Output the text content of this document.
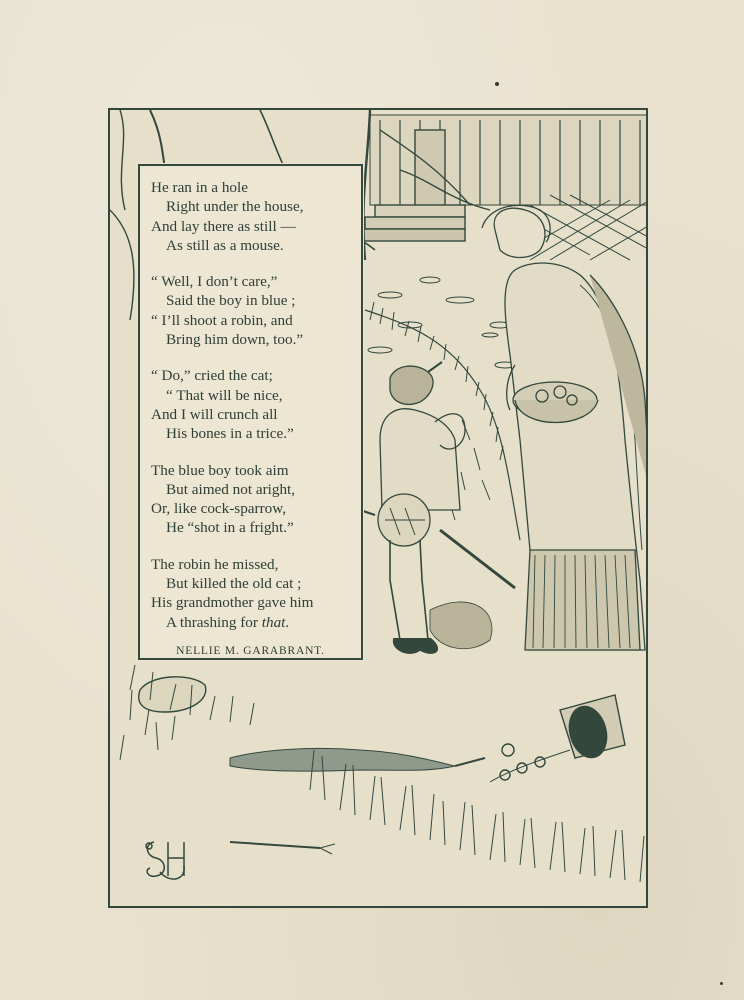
He ran in a hole
Right under the house,
And lay there as still —
As still as a mouse.
“ Well, I don’t care,”
Said the boy in blue ;
“ I’ll shoot a robin, and
Bring him down, too.”
“ Do,” cried the cat;
“ That will be nice,
And I will crunch all
His bones in a trice.”
The blue boy took aim
But aimed not aright,
Or, like cock-sparrow,
He “shot in a fright.”
The robin he missed,
But killed the old cat ;
His grandmother gave him
A thrashing for that.
NELLIE M. GARABRANT.
